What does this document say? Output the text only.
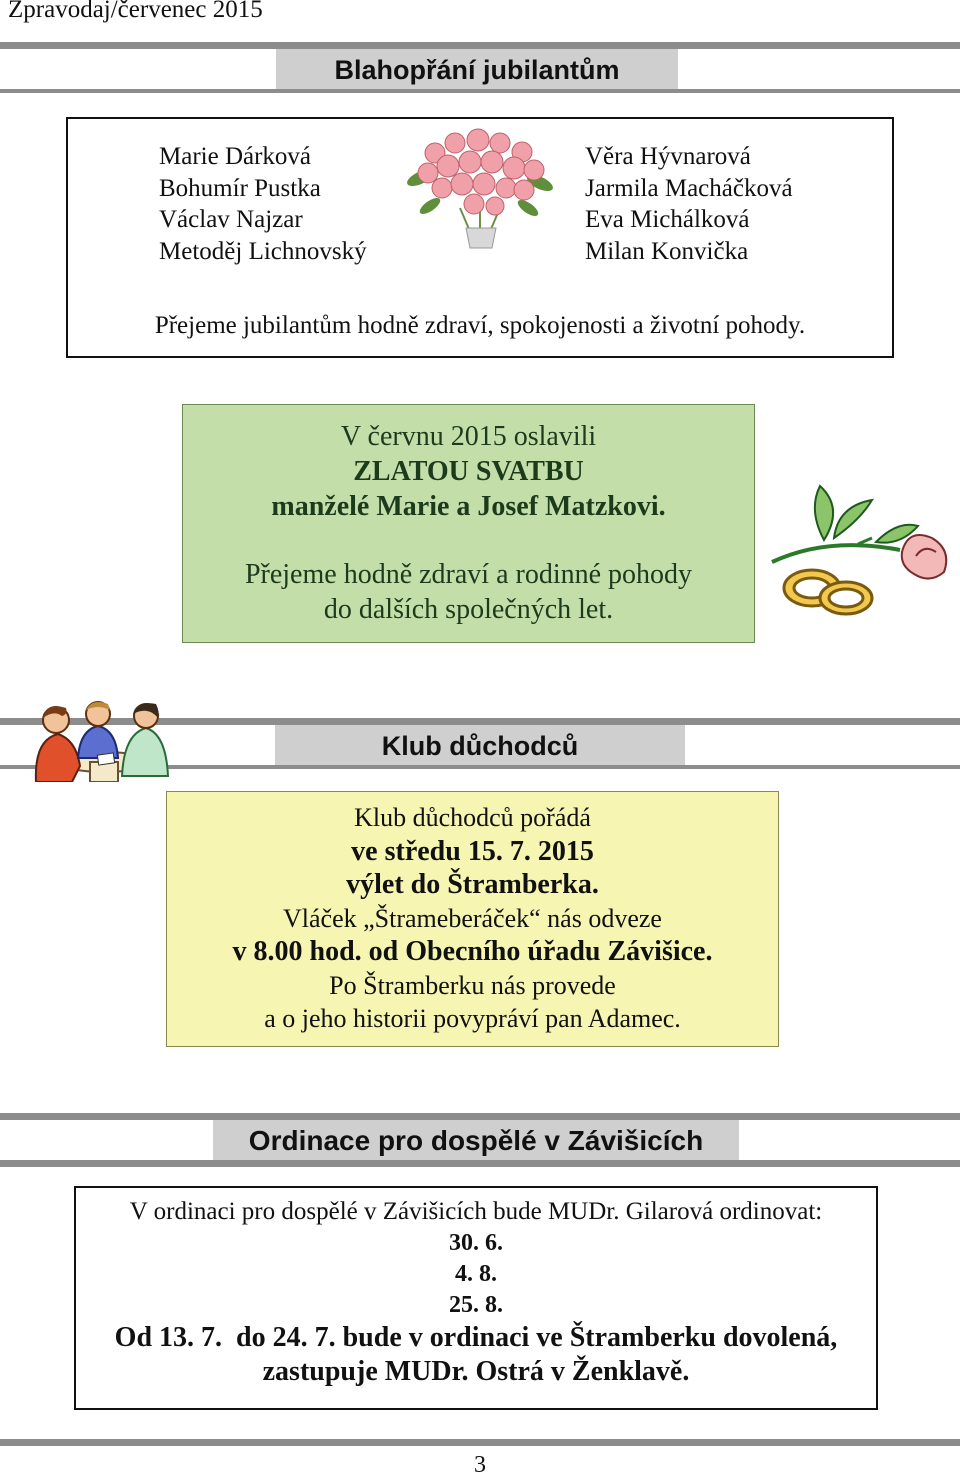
Zpravodaj/červenec 2015
Blahopřání jubilantům
Marie Dárková
Bohumír Pustka
Václav Najzar
Metoděj Lichnovský
Věra Hývnarová
Jarmila Macháčková
Eva Michálková
Milan Konvička
Přejeme jubilantům hodně zdraví, spokojenosti a životní pohody.
V červnu 2015 oslavili
ZLATOU SVATBU
manželé Marie a Josef Matzkovi.
Přejeme hodně zdraví a rodinné pohody
do dalších společných let.
Klub důchodců
Klub důchodců pořádá
ve středu 15. 7. 2015
výlet do Štramberka.
Vláček „Štrameberáček“ nás odveze
v 8.00 hod. od Obecního úřadu Závišice.
Po Štramberku nás provede
a o jeho historii povypráví pan Adamec.
Ordinace pro dospělé v Závišicích
V ordinaci pro dospělé v Závišicích bude MUDr. Gilarová ordinovat:
30. 6.
4. 8.
25. 8.
Od 13. 7.  do 24. 7. bude v ordinaci ve Štramberku dovolená,
zastupuje MUDr. Ostrá v Ženklavě.
3
